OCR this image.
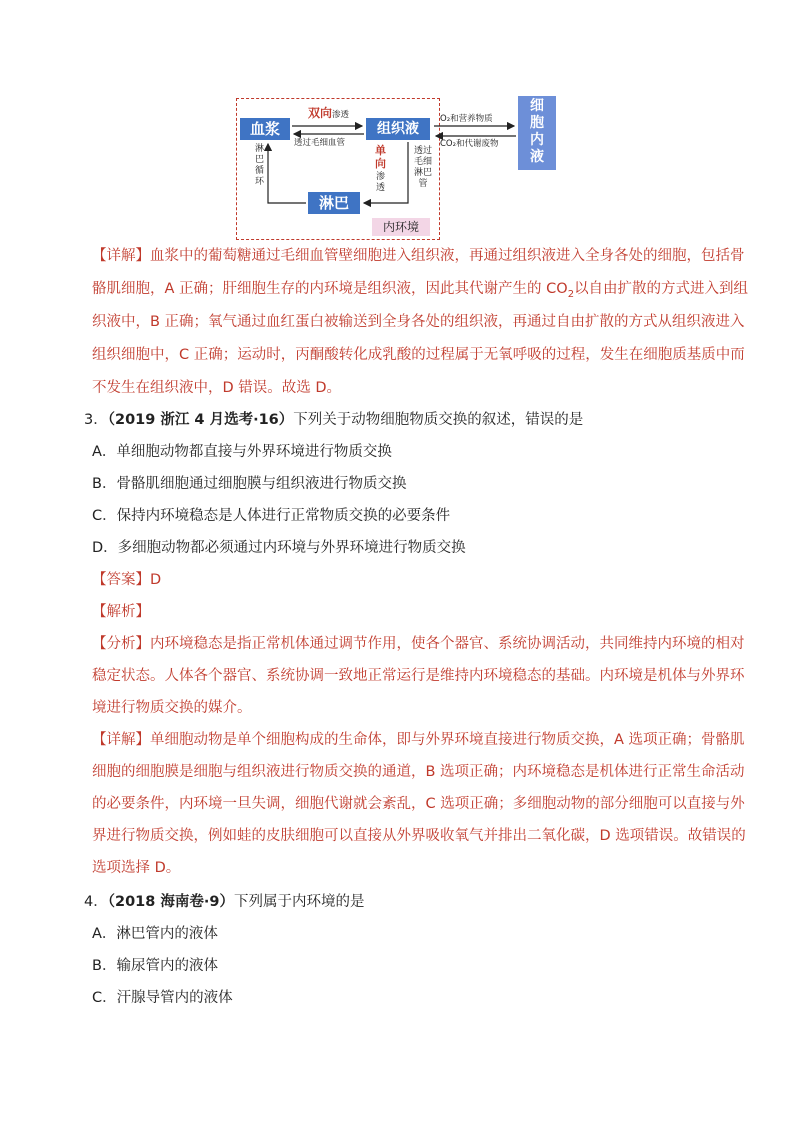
血浆	组织液
淋巴
细胞内液
内环境
双向渗透
透过毛细血管
单向
渗透
透过毛细淋巴管
淋巴循环
O₂和营养物质
CO₂和代谢废物
【详解】血浆中的葡萄糖通过毛细血管壁细胞进入组织液，再通过组织液进入全身各处的细胞，包括骨
骼肌细胞，A 正确；肝细胞生存的内环境是组织液，因此其代谢产生的 $CO_2$以自由扩散的方式进入到组
织液中，B 正确；氧气通过血红蛋白被输送到全身各处的组织液，再通过自由扩散的方式从组织液进入
组织细胞中，C 正确；运动时，丙酮酸转化成乳酸的过程属于无氧呼吸的过程，发生在细胞质基质中而
不发生在组织液中，D 错误。故选 D。
3．（2019 浙江 4 月选考·16）下列关于动物细胞物质交换的叙述，错误的是
A．单细胞动物都直接与外界环境进行物质交换
B．骨骼肌细胞通过细胞膜与组织液进行物质交换
C．保持内环境稳态是人体进行正常物质交换的必要条件
D．多细胞动物都必须通过内环境与外界环境进行物质交换
【答案】D
【解析】
【分析】内环境稳态是指正常机体通过调节作用，使各个器官、系统协调活动，共同维持内环境的相对
稳定状态。人体各个器官、系统协调一致地正常运行是维持内环境稳态的基础。内环境是机体与外界环
境进行物质交换的媒介。
【详解】单细胞动物是单个细胞构成的生命体，即与外界环境直接进行物质交换，A 选项正确；骨骼肌
细胞的细胞膜是细胞与组织液进行物质交换的通道，B 选项正确；内环境稳态是机体进行正常生命活动
的必要条件，内环境一旦失调，细胞代谢就会紊乱，C 选项正确；多细胞动物的部分细胞可以直接与外
界进行物质交换，例如蛙的皮肤细胞可以直接从外界吸收氧气并排出二氧化碳，D 选项错误。故错误的
选项选择 D。
4．（2018 海南卷·9）下列属于内环境的是
A．淋巴管内的液体
B．输尿管内的液体
C．汗腺导管内的液体
